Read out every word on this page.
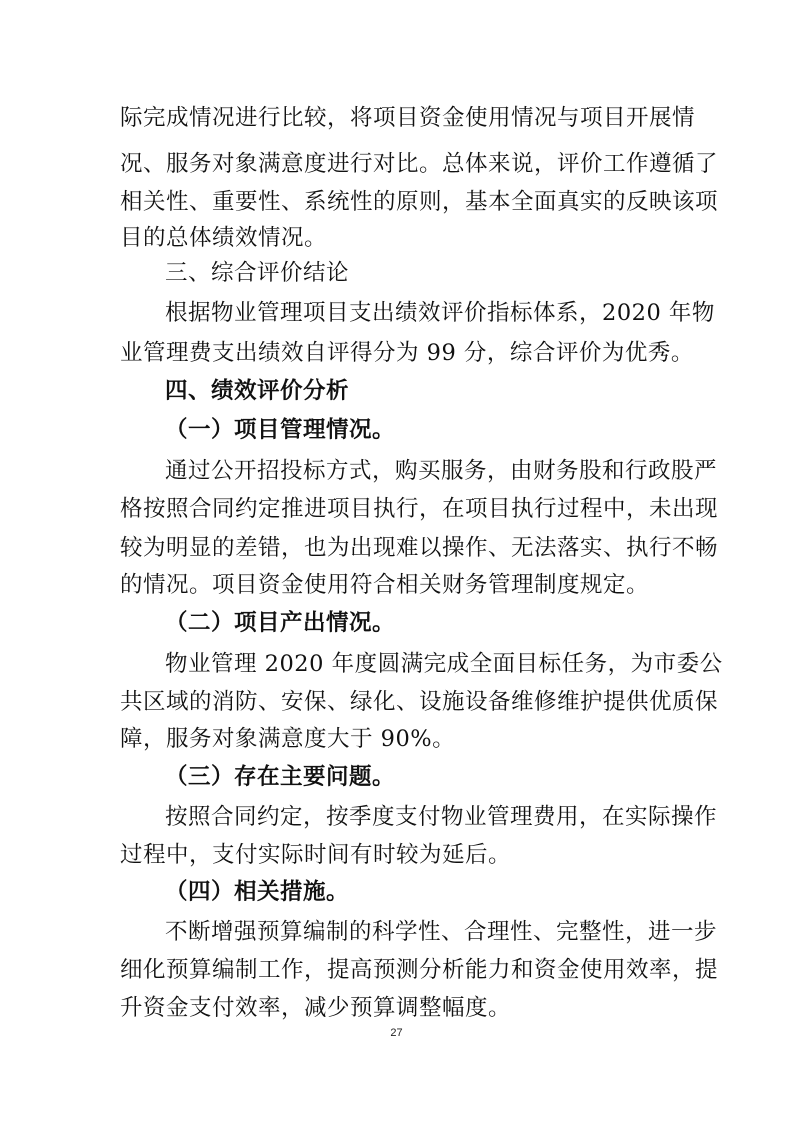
际完成情况进行比较，将项目资金使用情况与项目开展情
况、服务对象满意度进行对比。总体来说，评价工作遵循了
相关性、重要性、系统性的原则，基本全面真实的反映该项
目的总体绩效情况。
三、综合评价结论
根据物业管理项目支出绩效评价指标体系，2020 年物
业管理费支出绩效自评得分为 99 分，综合评价为优秀。
四、绩效评价分析
（一）项目管理情况。
通过公开招投标方式，购买服务，由财务股和行政股严
格按照合同约定推进项目执行，在项目执行过程中，未出现
较为明显的差错，也为出现难以操作、无法落实、执行不畅
的情况。项目资金使用符合相关财务管理制度规定。
（二）项目产出情况。
物业管理 2020 年度圆满完成全面目标任务，为市委公
共区域的消防、安保、绿化、设施设备维修维护提供优质保
障，服务对象满意度大于 90%。
（三）存在主要问题。
按照合同约定，按季度支付物业管理费用，在实际操作
过程中，支付实际时间有时较为延后。
（四）相关措施。
不断增强预算编制的科学性、合理性、完整性，进一步
细化预算编制工作，提高预测分析能力和资金使用效率，提
升资金支付效率，减少预算调整幅度。
27
